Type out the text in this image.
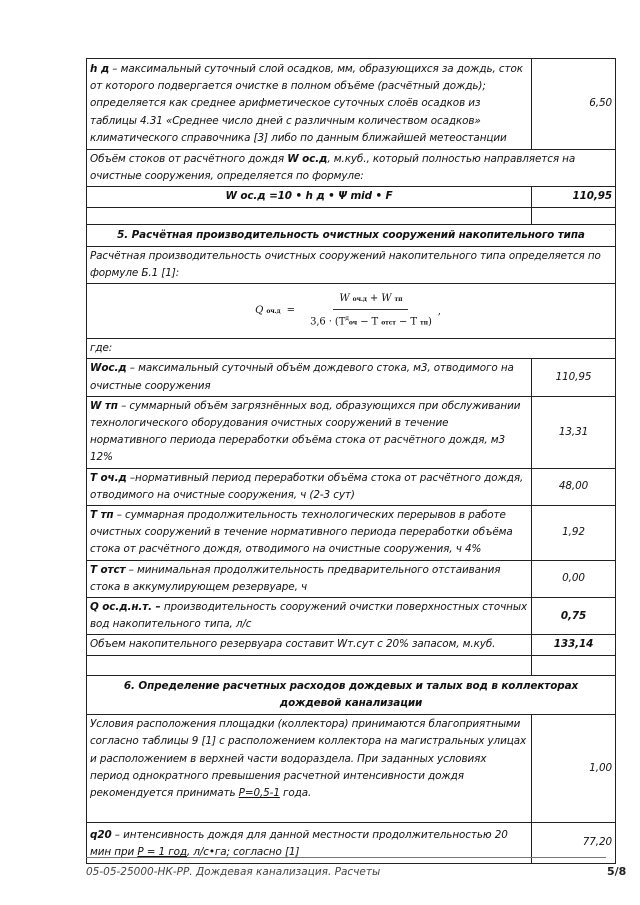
h д – максимальный суточный слой осадков, мм, образующихся за дождь, сток от которого подвергается очистке в полном объёме (расчётный дождь); определяется как среднее арифметическое суточных слоёв осадков из таблицы 4.31 «Среднее число дней с различным количеством осадков» климатического справочника [3] либо по данным ближайшей метеостанции	6,50
Объём стоков от расчётного дождя W ос.д, м.куб., который полностью направляется на очистные сооружения, определяется по формуле:	
W ос.д =10 • h д • Ψ mid • F	110,95

5. Расчётная производительность очистных сооружений накопительного типа	
Расчётная производительность очистных сооружений накопительного типа определяется по формуле Б.1 [1]:	
Q $оч.д = \frac{\text{W оч.д + W тп}}{3,6 \cdot (T^доч - T отст - T тп)}$ ,	
где:	
Wос.д – максимальный суточный объём дождевого стока, м3, отводимого на очистные сооружения	110,95
W тп – суммарный объём загрязнённых вод, образующихся при обслуживании технологического оборудования очистных сооружений в течение нормативного периода переработки объёма стока от расчётного дождя, м3 12%	13,31
T оч.д –нормативный период переработки объёма стока от расчётного дождя, отводимого на очистные сооружения, ч (2-3 сут)	48,00
T тп – суммарная продолжительность технологических перерывов в работе очистных сооружений в течение нормативного периода переработки объёма стока от расчётного дождя, отводимого на очистные сооружения, ч 4%	1,92
T отст – минимальная продолжительность предварительного отстаивания стока в аккумулирующем резервуаре, ч	0,00
Q ос.д.н.т. – производительность сооружений очистки поверхностных сточных вод накопительного типа, л/с	0,75
Объем накопительного резервуара составит Wт.сут с 20% запасом, м.куб.	133,14

6. Определение расчетных расходов дождевых и талых вод в коллекторах дождевой канализации	
Условия расположения площадки (коллектора) принимаются благоприятными согласно таблицы 9 [1] с расположением коллектора на магистральных улицах и расположением в верхней части водораздела. При заданных условиях период однократного превышения расчетной интенсивности дождя рекомендуется принимать P=0,5-1 года.	1,00
q20 – интенсивность дождя для данной местности продолжительностью 20 мин при P = 1 год, л/с•га; согласно [1]	77,20
05-05-25000-НК-РР. Дождевая канализация. Расчеты	5/8
